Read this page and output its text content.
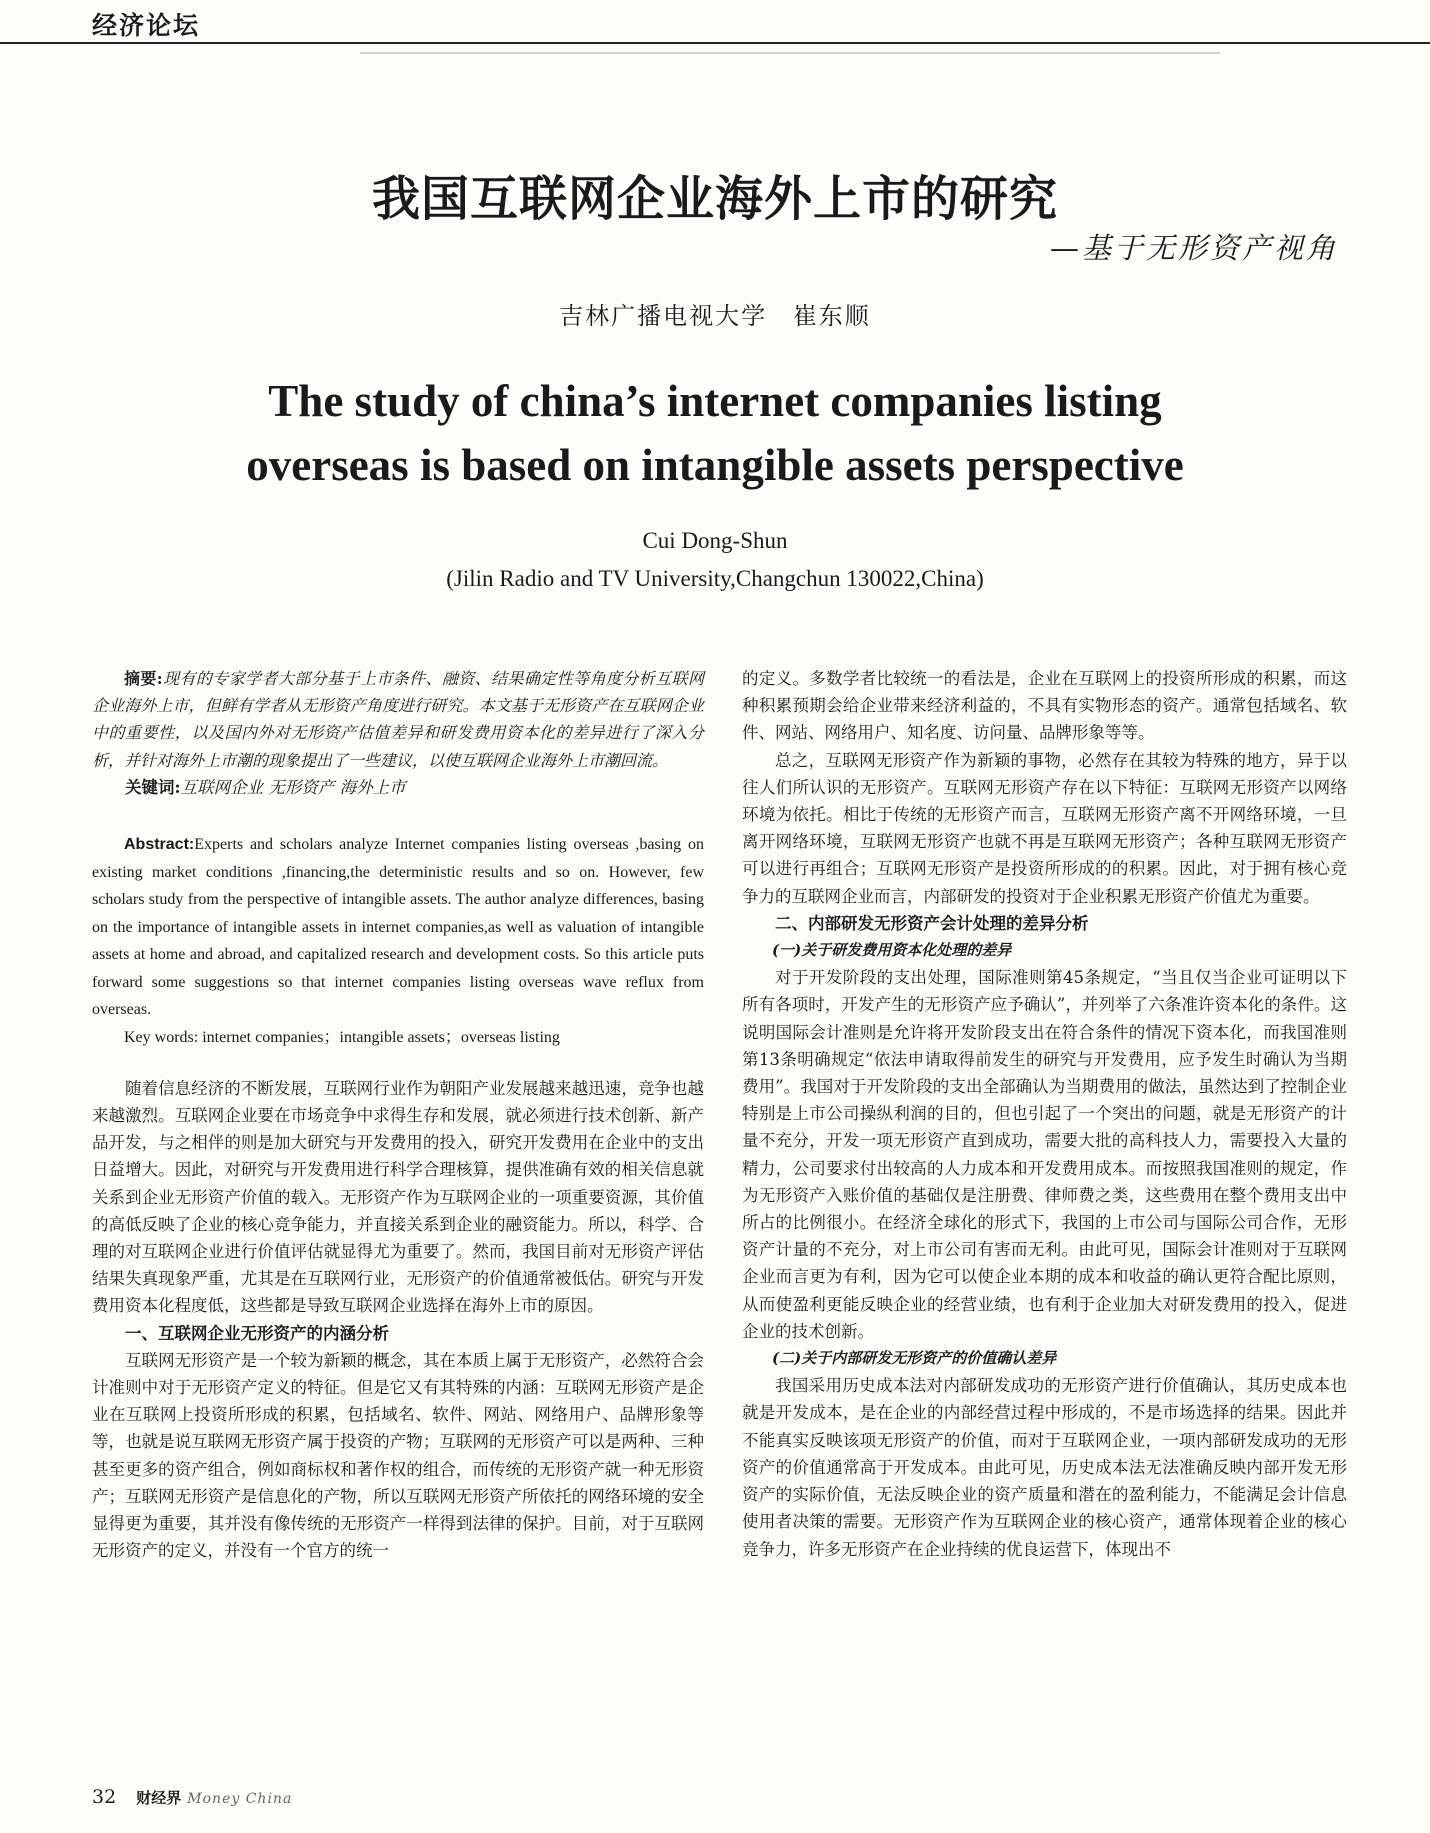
经济论坛
我国互联网企业海外上市的研究
—基于无形资产视角
吉林广播电视大学 崔东顺
The study of china’s internet companies listing
overseas is based on intangible assets perspective
Cui Dong-Shun
(Jilin Radio and TV University,Changchun 130022,China)

摘要:现有的专家学者大部分基于上市条件、融资、结果确定性等角度分析互联网企业海外上市，但鲜有学者从无形资产角度进行研究。本文基于无形资产在互联网企业中的重要性，以及国内外对无形资产估值差异和研发费用资本化的差异进行了深入分析，并针对海外上市潮的现象提出了一些建议，以使互联网企业海外上市潮回流。

关键词:互联网企业 无形资产 海外上市

Abstract:Experts and scholars analyze Internet companies listing overseas ,basing on existing market conditions ,financing,the deterministic results and so on. However, few scholars study from the perspective of intangible assets. The author analyze differences, basing on the importance of intangible assets in internet companies,as well as valuation of intangible assets at home and abroad, and capitalized research and development costs. So this article puts forward some suggestions so that internet companies listing overseas wave reflux from overseas.

Key words: internet companies；intangible assets；overseas listing

随着信息经济的不断发展，互联网行业作为朝阳产业发展越来越迅速，竞争也越来越激烈。互联网企业要在市场竞争中求得生存和发展，就必须进行技术创新、新产品开发，与之相伴的则是加大研究与开发费用的投入，研究开发费用在企业中的支出日益增大。因此，对研究与开发费用进行科学合理核算，提供准确有效的相关信息就关系到企业无形资产价值的载入。无形资产作为互联网企业的一项重要资源，其价值的高低反映了企业的核心竞争能力，并直接关系到企业的融资能力。所以，科学、合理的对互联网企业进行价值评估就显得尤为重要了。然而，我国目前对无形资产评估结果失真现象严重，尤其是在互联网行业，无形资产的价值通常被低估。研究与开发费用资本化程度低，这些都是导致互联网企业选择在海外上市的原因。

一、互联网企业无形资产的内涵分析

互联网无形资产是一个较为新颖的概念，其在本质上属于无形资产，必然符合会计准则中对于无形资产定义的特征。但是它又有其特殊的内涵：互联网无形资产是企业在互联网上投资所形成的积累，包括域名、软件、网站、网络用户、品牌形象等等，也就是说互联网无形资产属于投资的产物；互联网的无形资产可以是两种、三种甚至更多的资产组合，例如商标权和著作权的组合，而传统的无形资产就一种无形资产；互联网无形资产是信息化的产物，所以互联网无形资产所依托的网络环境的安全显得更为重要，其并没有像传统的无形资产一样得到法律的保护。目前，对于互联网无形资产的定义，并没有一个官方的统一

的定义。多数学者比较统一的看法是，企业在互联网上的投资所形成的积累，而这种积累预期会给企业带来经济利益的，不具有实物形态的资产。通常包括域名、软件、网站、网络用户、知名度、访问量、品牌形象等等。

总之，互联网无形资产作为新颖的事物，必然存在其较为特殊的地方，异于以往人们所认识的无形资产。互联网无形资产存在以下特征：互联网无形资产以网络环境为依托。相比于传统的无形资产而言，互联网无形资产离不开网络环境，一旦离开网络环境，互联网无形资产也就不再是互联网无形资产；各种互联网无形资产可以进行再组合；互联网无形资产是投资所形成的的积累。因此，对于拥有核心竞争力的互联网企业而言，内部研发的投资对于企业积累无形资产价值尤为重要。

二、内部研发无形资产会计处理的差异分析

(一)关于研发费用资本化处理的差异

对于开发阶段的支出处理，国际准则第45条规定，“当且仅当企业可证明以下所有各项时，开发产生的无形资产应予确认”，并列举了六条准许资本化的条件。这说明国际会计准则是允许将开发阶段支出在符合条件的情况下资本化，而我国准则第13条明确规定“依法申请取得前发生的研究与开发费用，应予发生时确认为当期费用”。我国对于开发阶段的支出全部确认为当期费用的做法，虽然达到了控制企业特别是上市公司操纵利润的目的，但也引起了一个突出的问题，就是无形资产的计量不充分，开发一项无形资产直到成功，需要大批的高科技人力，需要投入大量的精力，公司要求付出较高的人力成本和开发费用成本。而按照我国准则的规定，作为无形资产入账价值的基础仅是注册费、律师费之类，这些费用在整个费用支出中所占的比例很小。在经济全球化的形式下，我国的上市公司与国际公司合作，无形资产计量的不充分，对上市公司有害而无利。由此可见，国际会计准则对于互联网企业而言更为有利，因为它可以使企业本期的成本和收益的确认更符合配比原则，从而使盈利更能反映企业的经营业绩，也有利于企业加大对研发费用的投入，促进企业的技术创新。

(二)关于内部研发无形资产的价值确认差异

我国采用历史成本法对内部研发成功的无形资产进行价值确认，其历史成本也就是开发成本，是在企业的内部经营过程中形成的，不是市场选择的结果。因此并不能真实反映该项无形资产的价值，而对于互联网企业，一项内部研发成功的无形资产的价值通常高于开发成本。由此可见，历史成本法无法准确反映内部开发无形资产的实际价值，无法反映企业的资产质量和潜在的盈利能力，不能满足会计信息使用者决策的需要。无形资产作为互联网企业的核心资产，通常体现着企业的核心竞争力，许多无形资产在企业持续的优良运营下，体现出不

32 财经界 Money China
